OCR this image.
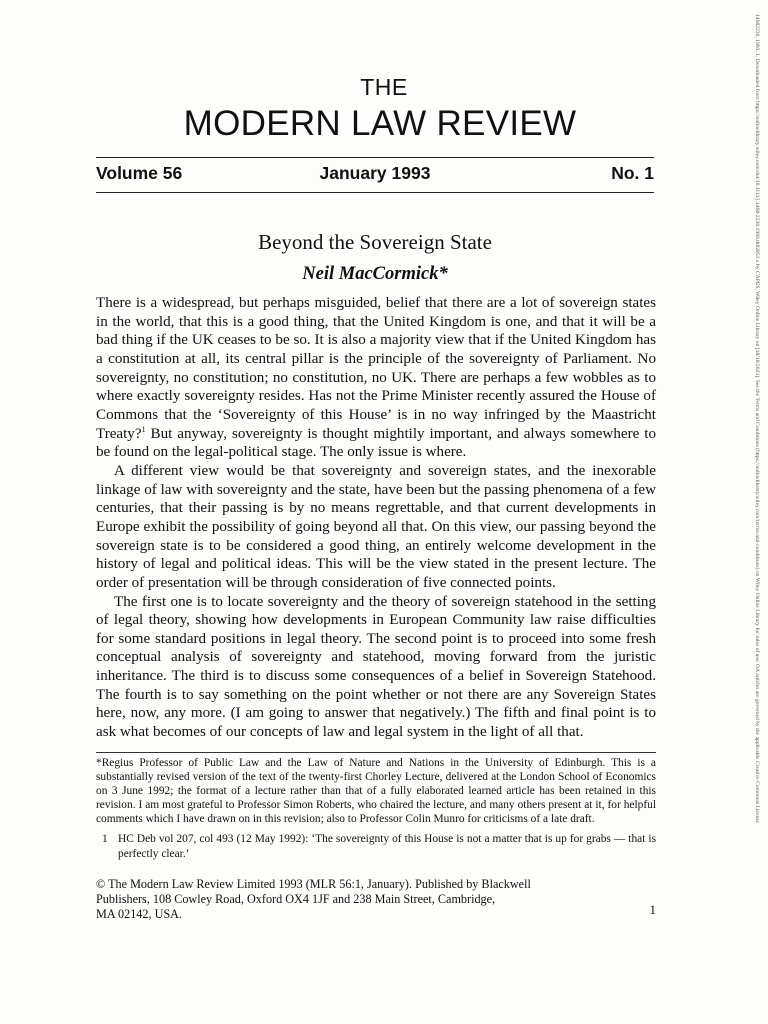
14682230, 1993, 1, Downloaded from https://onlinelibrary.wiley.com/doi/10.1111/j.1468-2230.1993.tb02851.x by CAPES, Wiley Online Library on [18/10/2023]. See the Terms and Conditions (https://onlinelibrary.wiley.com/terms-and-conditions) on Wiley Online Library for rules of use; OA articles are governed by the applicable Creative Commons License
THE
MODERN LAW REVIEW
January 1993
Volume 56	No. 1
Beyond the Sovereign State
Neil MacCormick*

There is a widespread, but perhaps misguided, belief that there are a lot of sovereign states in the world, that this is a good thing, that the United Kingdom is one, and that it will be a bad thing if the UK ceases to be so. It is also a majority view that if the United Kingdom has a constitution at all, its central pillar is the principle of the sovereignty of Parliament. No sovereignty, no constitution; no constitution, no UK. There are perhaps a few wobbles as to where exactly sovereignty resides. Has not the Prime Minister recently assured the House of Commons that the ‘Sovereignty of this House’ is in no way infringed by the Maastricht Treaty?$^1$ But anyway, sovereignty is thought mightily important, and always somewhere to be found on the legal-political stage. The only issue is where.

A different view would be that sovereignty and sovereign states, and the inexorable linkage of law with sovereignty and the state, have been but the passing phenomena of a few centuries, that their passing is by no means regrettable, and that current developments in Europe exhibit the possibility of going beyond all that. On this view, our passing beyond the sovereign state is to be considered a good thing, an entirely welcome development in the history of legal and political ideas. This will be the view stated in the present lecture. The order of presentation will be through consideration of five connected points.

The first one is to locate sovereignty and the theory of sovereign statehood in the setting of legal theory, showing how developments in European Community law raise difficulties for some standard positions in legal theory. The second point is to proceed into some fresh conceptual analysis of sovereignty and statehood, moving forward from the juristic inheritance. The third is to discuss some consequences of a belief in Sovereign Statehood. The fourth is to say something on the point whether or not there are any Sovereign States here, now, any more. (I am going to answer that negatively.) The fifth and final point is to ask what becomes of our concepts of law and legal system in the light of all that.

*Regius Professor of Public Law and the Law of Nature and Nations in the University of Edinburgh. This is a substantially revised version of the text of the twenty-first Chorley Lecture, delivered at the London School of Economics on 3 June 1992; the format of a lecture rather than that of a fully elaborated learned article has been retained in this revision. I am most grateful to Professor Simon Roberts, who chaired the lecture, and many others present at it, for helpful comments which I have drawn on in this revision; also to Professor Colin Munro for criticisms of a late draft.

1 HC Deb vol 207, col 493 (12 May 1992): ‘The sovereignty of this House is not a matter that is up for grabs — that is perfectly clear.’

© The Modern Law Review Limited 1993 (MLR 56:1, January). Published by Blackwell
Publishers, 108 Cowley Road, Oxford OX4 1JF and 238 Main Street, Cambridge,
MA 02142, USA.	1
